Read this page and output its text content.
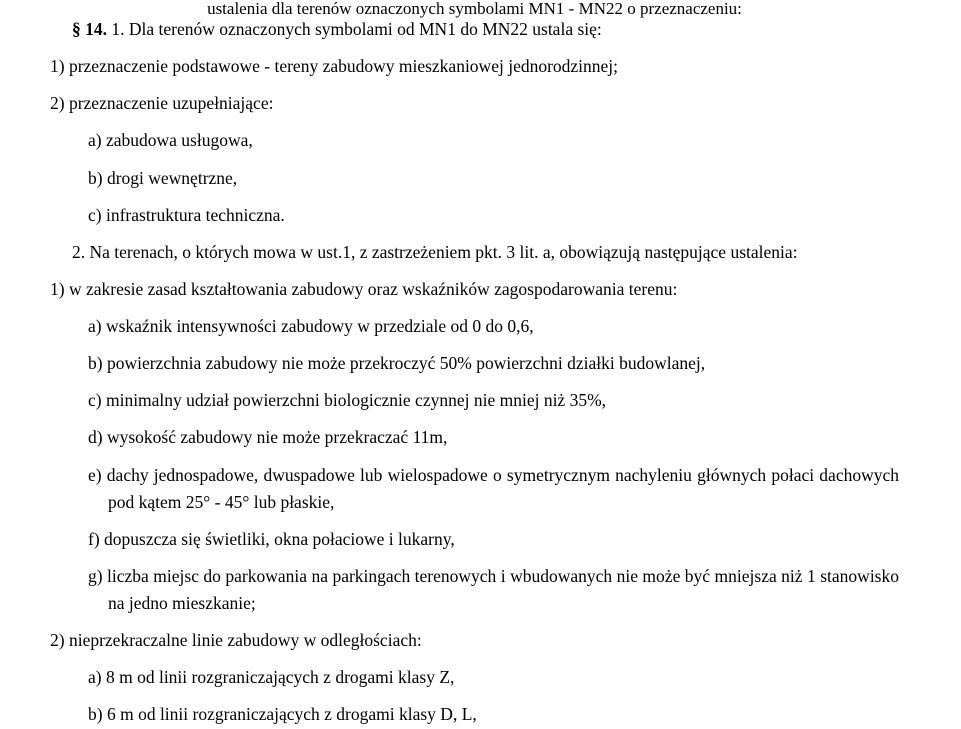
ustalenia dla terenów oznaczonych symbolami MN1 - MN22 o przeznaczeniu:

§ 14. 1. Dla terenów oznaczonych symbolami od MN1 do MN22 ustala się:

1) przeznaczenie podstawowe - tereny zabudowy mieszkaniowej jednorodzinnej;

2) przeznaczenie uzupełniające:

a) zabudowa usługowa,

b) drogi wewnętrzne,

c) infrastruktura techniczna.

2. Na terenach, o których mowa w ust.1, z zastrzeżeniem pkt. 3 lit. a, obowiązują następujące ustalenia:

1) w zakresie zasad kształtowania zabudowy oraz wskaźników zagospodarowania terenu:

a) wskaźnik intensywności zabudowy w przedziale od 0 do 0,6,

b) powierzchnia zabudowy nie może przekroczyć 50% powierzchni działki budowlanej,

c) minimalny udział powierzchni biologicznie czynnej nie mniej niż 35%,

d) wysokość zabudowy nie może przekraczać 11m,

e) dachy jednospadowe, dwuspadowe lub wielospadowe o symetrycznym nachyleniu głównych połaci dachowych pod kątem 25° - 45° lub płaskie,

f) dopuszcza się świetliki, okna połaciowe i lukarny,

g) liczba miejsc do parkowania na parkingach terenowych i wbudowanych nie może być mniejsza niż 1 stanowisko na jedno mieszkanie;

2) nieprzekraczalne linie zabudowy w odległościach:

a) 8 m od linii rozgraniczających z drogami klasy Z,

b) 6 m od linii rozgraniczających z drogami klasy D, L,
